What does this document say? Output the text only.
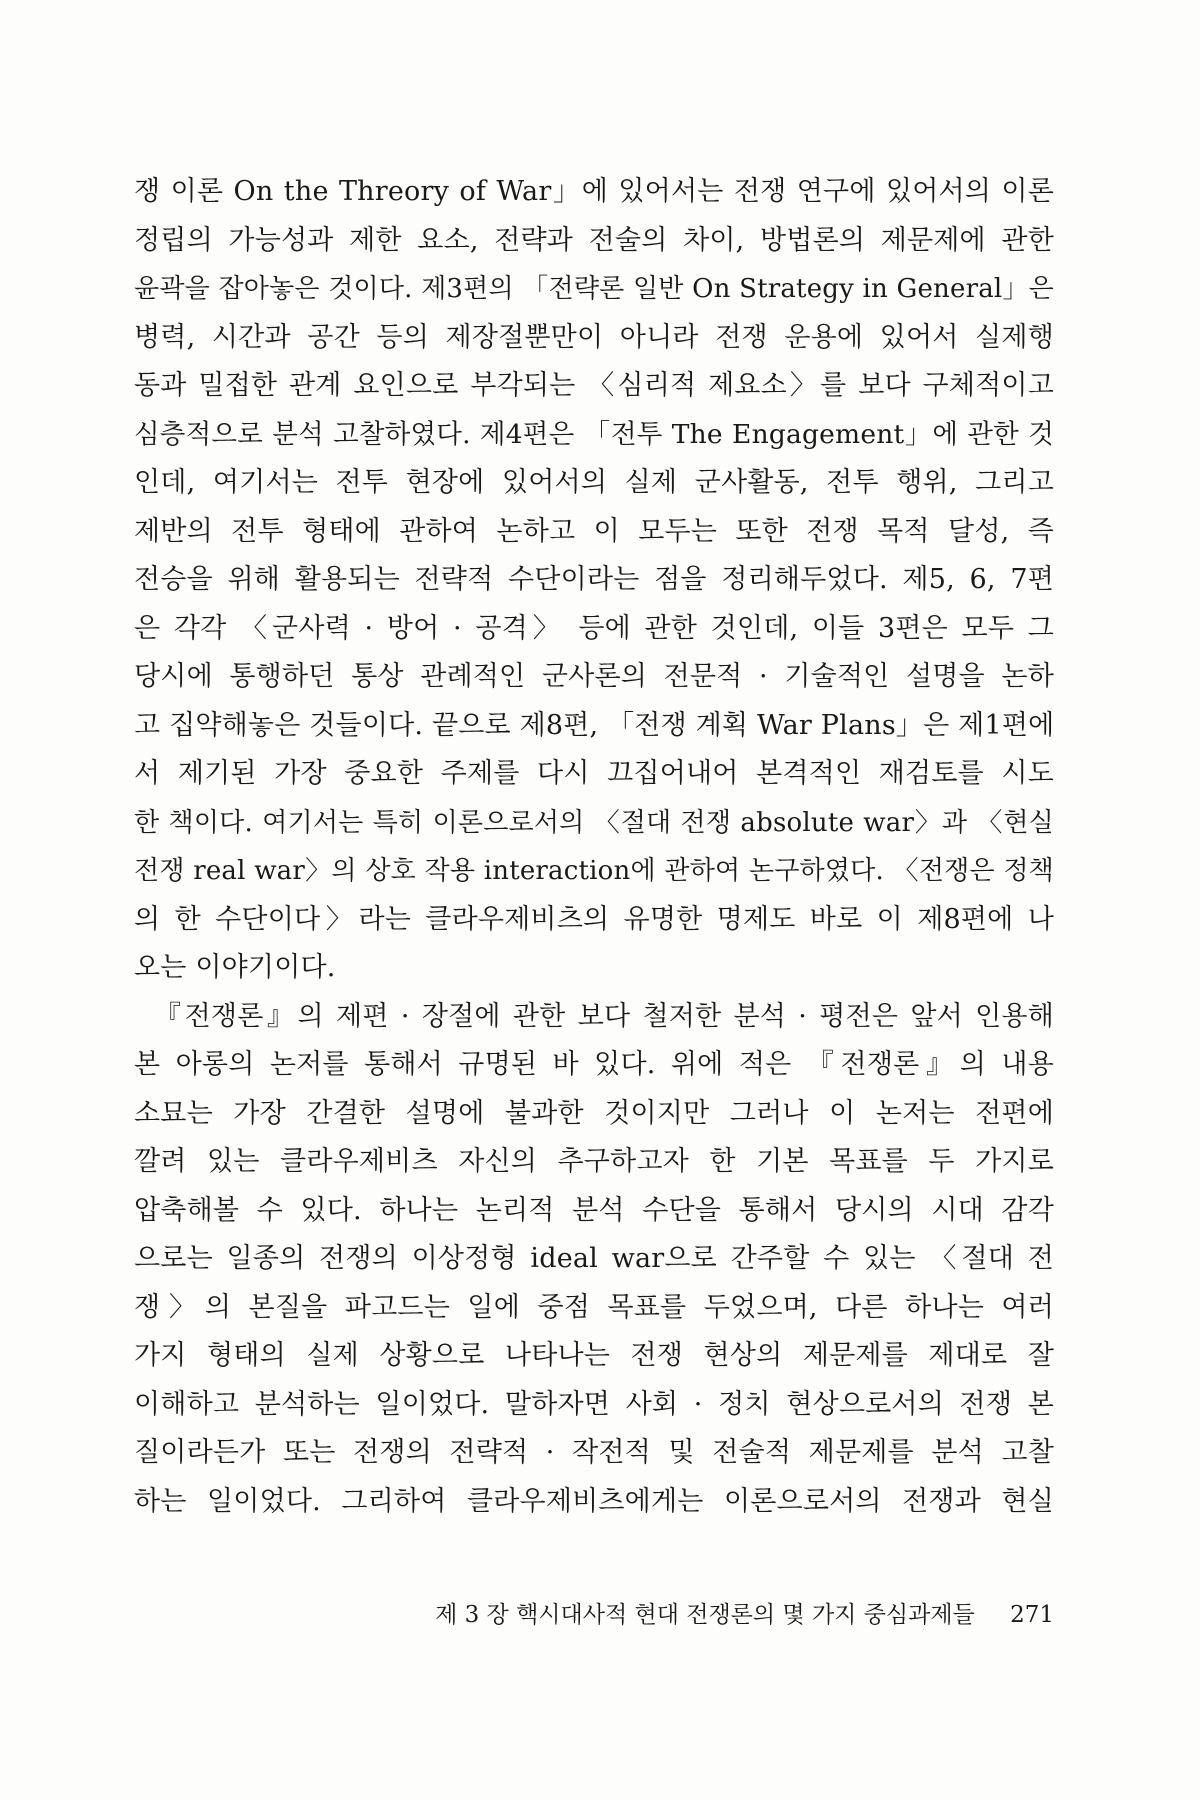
쟁 이론 On the Threory of War」에 있어서는 전쟁 연구에 있어서의 이론
정립의 가능성과 제한 요소, 전략과 전술의 차이, 방법론의 제문제에 관한
윤곽을 잡아놓은 것이다. 제3편의 「전략론 일반 On Strategy in General」은
병력, 시간과 공간 등의 제장절뿐만이 아니라 전쟁 운용에 있어서 실제행
동과 밀접한 관계 요인으로 부각되는 〈심리적 제요소〉를 보다 구체적이고
심층적으로 분석 고찰하였다. 제4편은 「전투 The Engagement」에 관한 것
인데, 여기서는 전투 현장에 있어서의 실제 군사활동, 전투 행위, 그리고
제반의 전투 형태에 관하여 논하고 이 모두는 또한 전쟁 목적 달성, 즉
전승을 위해 활용되는 전략적 수단이라는 점을 정리해두었다. 제5, 6, 7편
은 각각 〈군사력 · 방어 · 공격〉 등에 관한 것인데, 이들 3편은 모두 그
당시에 통행하던 통상 관례적인 군사론의 전문적 · 기술적인 설명을 논하
고 집약해놓은 것들이다. 끝으로 제8편, 「전쟁 계획 War Plans」은 제1편에
서 제기된 가장 중요한 주제를 다시 끄집어내어 본격적인 재검토를 시도
한 책이다. 여기서는 특히 이론으로서의 〈절대 전쟁 absolute war〉과 〈현실
전쟁 real war〉의 상호 작용 interaction에 관하여 논구하였다. 〈전쟁은 정책
의 한 수단이다〉라는 클라우제비츠의 유명한 명제도 바로 이 제8편에 나
오는 이야기이다.
『전쟁론』의 제편 · 장절에 관한 보다 철저한 분석 · 평전은 앞서 인용해
본 아롱의 논저를 통해서 규명된 바 있다. 위에 적은 『전쟁론』의 내용
소묘는 가장 간결한 설명에 불과한 것이지만 그러나 이 논저는 전편에
깔려 있는 클라우제비츠 자신의 추구하고자 한 기본 목표를 두 가지로
압축해볼 수 있다. 하나는 논리적 분석 수단을 통해서 당시의 시대 감각
으로는 일종의 전쟁의 이상정형 ideal war으로 간주할 수 있는 〈절대 전
쟁〉의 본질을 파고드는 일에 중점 목표를 두었으며, 다른 하나는 여러
가지 형태의 실제 상황으로 나타나는 전쟁 현상의 제문제를 제대로 잘
이해하고 분석하는 일이었다. 말하자면 사회 · 정치 현상으로서의 전쟁 본
질이라든가 또는 전쟁의 전략적 · 작전적 및 전술적 제문제를 분석 고찰
하는 일이었다. 그리하여 클라우제비츠에게는 이론으로서의 전쟁과 현실
제 3 장 핵시대사적 현대 전쟁론의 몇 가지 중심과제들 271
